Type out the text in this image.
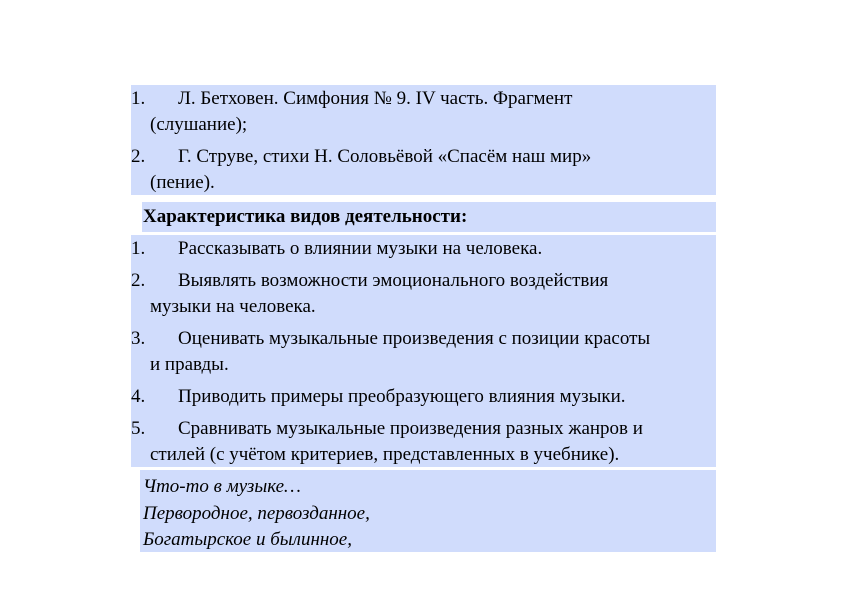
1. Л. Бетховен. Симфония № 9. IV часть. Фрагмент
(слушание);
2. Г. Струве, стихи Н. Соловьёвой «Спасём наш мир»
(пение).
Характеристика видов деятельности:
1. Рассказывать о влиянии музыки на человека.
2. Выявлять возможности эмоционального воздействия
музыки на человека.
3. Оценивать музыкальные произведения с позиции красоты
и правды.
4. Приводить примеры преобразующего влияния музыки.
5. Сравнивать музыкальные произведения разных жанров и
стилей (с учётом критериев, представленных в учебнике).
Что-то в музыке…
Первородное, первозданное,
Богатырское и былинное,
